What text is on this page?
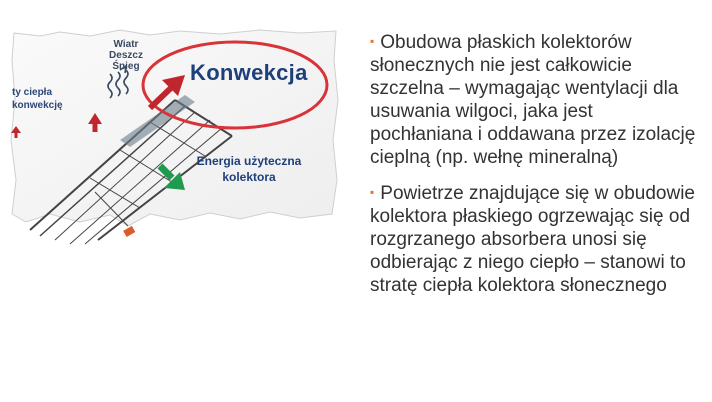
Wiatr
Deszcz
Śnieg
ty ciepła
konwekcję
Konwekcja
Energia użyteczna
kolektora

▪ Obudowa płaskich kolektorów słonecznych nie jest całkowicie szczelna – wymagając wentylacji dla usuwania wilgoci, jaka jest pochłaniana i oddawana przez izolację cieplną (np. wełnę mineralną)

▪ Powietrze znajdujące się w obudowie kolektora płaskiego ogrzewając się od rozgrzanego absorbera unosi się odbierając z niego ciepło – stanowi to stratę ciepła kolektora słonecznego
